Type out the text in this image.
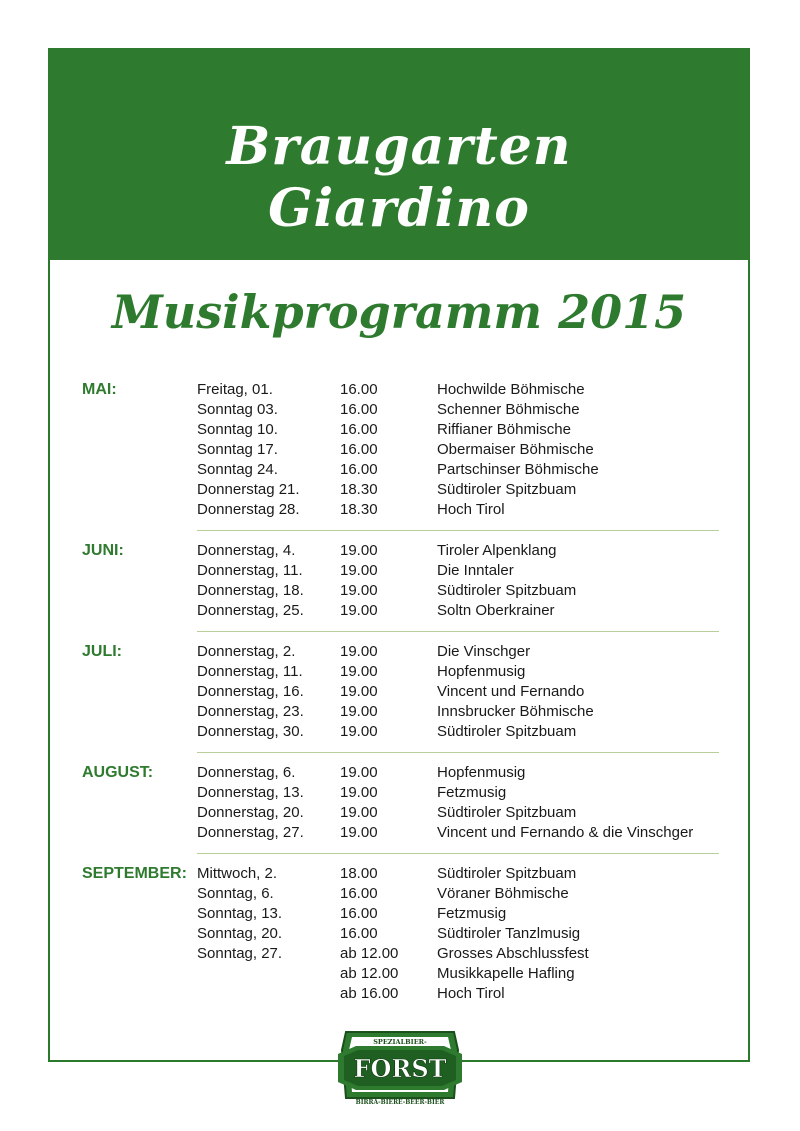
Braugarten
Giardino
ERÖFFNUNG BRAUGARTEN AM 17. APRIL 2015
Musikprogramm 2015
MAI:	Freitag, 01.	16.00	Hochwilde Böhmische
Sonntag 03.	16.00	Schenner Böhmische
Sonntag 10.	16.00	Riffianer Böhmische
Sonntag 17.	16.00	Obermaiser Böhmische
Sonntag 24.	16.00	Partschinser Böhmische
Donnerstag 21.	18.30	Südtiroler Spitzbuam
Donnerstag 28.	18.30	Hoch Tirol
JUNI:	Donnerstag, 4.	19.00	Tiroler Alpenklang
Donnerstag, 11. 19.00	Die Inntaler
Donnerstag, 18. 19.00	Südtiroler Spitzbuam
Donnerstag, 25. 19.00	Soltn Oberkrainer
JULI:	Donnerstag, 2.	19.00	Die Vinschger
Donnerstag, 11. 19.00	Hopfenmusig
Donnerstag, 16. 19.00	Vincent und Fernando
Donnerstag, 23. 19.00	Innsbrucker Böhmische
Donnerstag, 30. 19.00	Südtiroler Spitzbuam
AUGUST:	Donnerstag, 6.	19.00	Hopfenmusig
Donnerstag, 13. 19.00	Fetzmusig
Donnerstag, 20. 19.00	Südtiroler Spitzbuam
Donnerstag, 27. 19.00	Vincent und Fernando & die Vinschger
SEPTEMBER: Mittwoch, 2.	18.00	Südtiroler Spitzbuam
Sonntag, 6.	16.00	Vöraner Böhmische
Sonntag, 13.	16.00	Fetzmusig
Sonntag, 20.	16.00	Südtiroler Tanzlmusig
Sonntag, 27.	ab 12.00	Grosses Abschlussfest
ab 12.00	Musikkapelle Hafling
ab 16.00	Hoch Tirol
SPEZIALBIER-
FORST
BIRRA-BIÈRE-BEER-BIER
